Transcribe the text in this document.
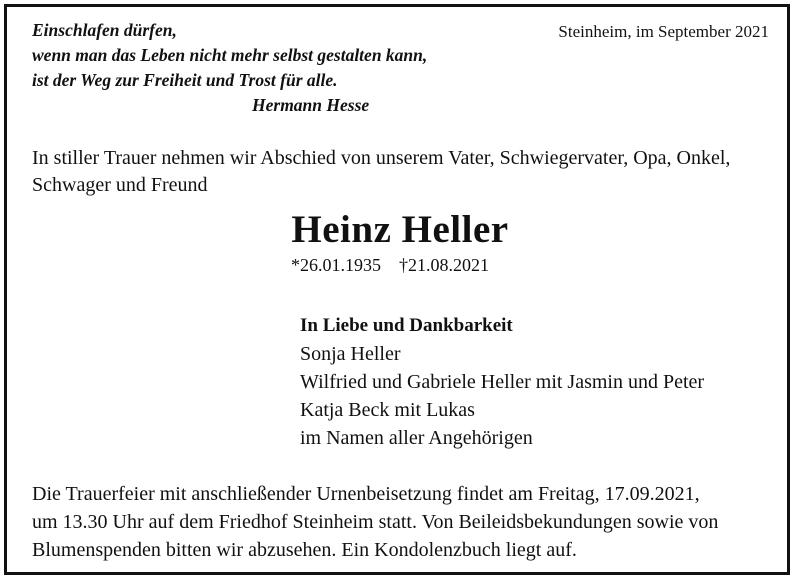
Einschlafen dürfen,
wenn man das Leben nicht mehr selbst gestalten kann,
ist der Weg zur Freiheit und Trost für alle.
Hermann Hesse
Steinheim, im September 2021
In stiller Trauer nehmen wir Abschied von unserem Vater, Schwiegervater, Opa, Onkel,
Schwager und Freund
Heinz Heller
*26.01.1935 †21.08.2021
In Liebe und Dankbarkeit
Sonja Heller
Wilfried und Gabriele Heller mit Jasmin und Peter
Katja Beck mit Lukas
im Namen aller Angehörigen
Die Trauerfeier mit anschließender Urnenbeisetzung findet am Freitag, 17.09.2021,
um 13.30 Uhr auf dem Friedhof Steinheim statt. Von Beileidsbekundungen sowie von
Blumenspenden bitten wir abzusehen. Ein Kondolenzbuch liegt auf.
